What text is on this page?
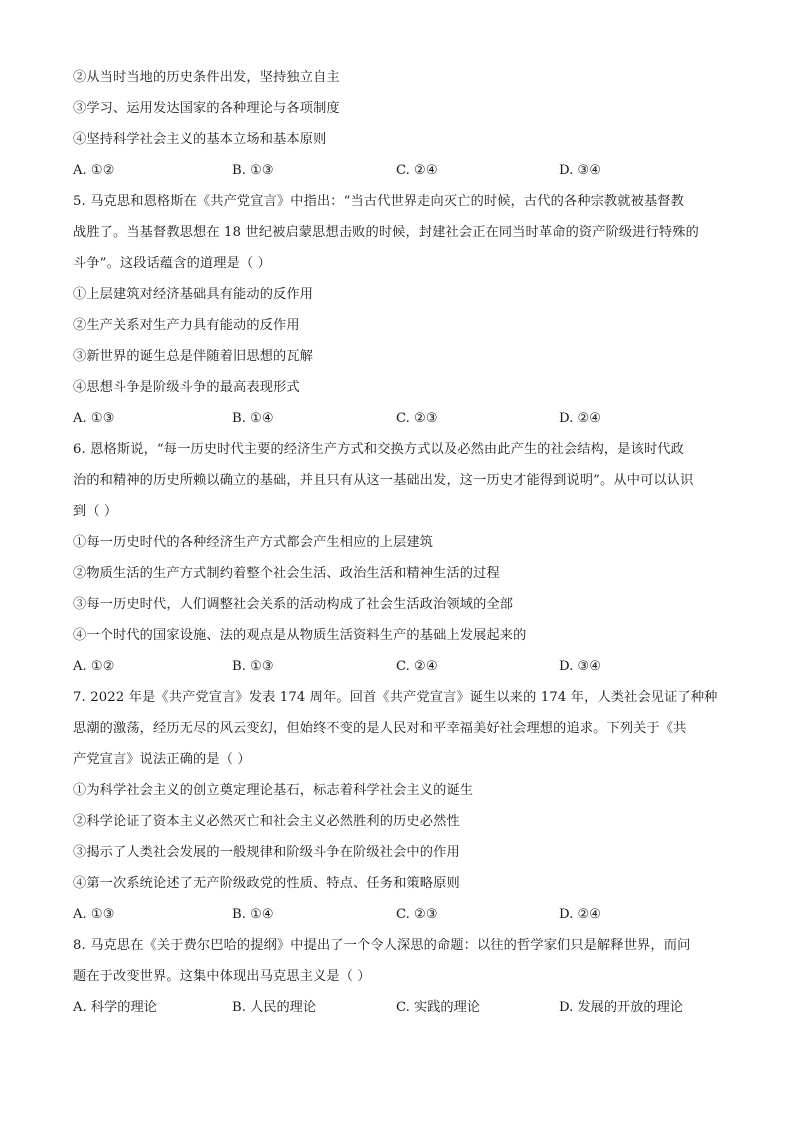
②从当时当地的历史条件出发，坚持独立自主
③学习、运用发达国家的各种理论与各项制度
④坚持科学社会主义的基本立场和基本原则
A. ①②	B. ①③	C. ②④	D. ③④
5. 马克思和恩格斯在《共产党宣言》中指出：“当古代世界走向灭亡的时候，古代的各种宗教就被基督教
战胜了。当基督教思想在 18 世纪被启蒙思想击败的时候，封建社会正在同当时革命的资产阶级进行特殊的
斗争”。这段话蕴含的道理是（ ）
①上层建筑对经济基础具有能动的反作用
②生产关系对生产力具有能动的反作用
③新世界的诞生总是伴随着旧思想的瓦解
④思想斗争是阶级斗争的最高表现形式
A. ①③	B. ①④	C. ②③	D. ②④
6. 恩格斯说，“每一历史时代主要的经济生产方式和交换方式以及必然由此产生的社会结构，是该时代政
治的和精神的历史所赖以确立的基础，并且只有从这一基础出发，这一历史才能得到说明”。从中可以认识
到（ ）
①每一历史时代的各种经济生产方式都会产生相应的上层建筑
②物质生活的生产方式制约着整个社会生活、政治生活和精神生活的过程
③每一历史时代，人们调整社会关系的活动构成了社会生活政治领域的全部
④一个时代的国家设施、法的观点是从物质生活资料生产的基础上发展起来的
A. ①②	B. ①③	C. ②④	D. ③④
7. 2022 年是《共产党宣言》发表 174 周年。回首《共产党宣言》诞生以来的 174 年，人类社会见证了种种
思潮的激荡，经历无尽的风云变幻，但始终不变的是人民对和平幸福美好社会理想的追求。下列关于《共
产党宣言》说法正确的是（ ）
①为科学社会主义的创立奠定理论基石，标志着科学社会主义的诞生
②科学论证了资本主义必然灭亡和社会主义必然胜利的历史必然性
③揭示了人类社会发展的一般规律和阶级斗争在阶级社会中的作用
④第一次系统论述了无产阶级政党的性质、特点、任务和策略原则
A. ①③	B. ①④	C. ②③	D. ②④
8. 马克思在《关于费尔巴哈的提纲》中提出了一个令人深思的命题：以往的哲学家们只是解释世界，而问
题在于改变世界。这集中体现出马克思主义是（ ）
A. 科学的理论	B. 人民的理论	C. 实践的理论	D. 发展的开放的理论
